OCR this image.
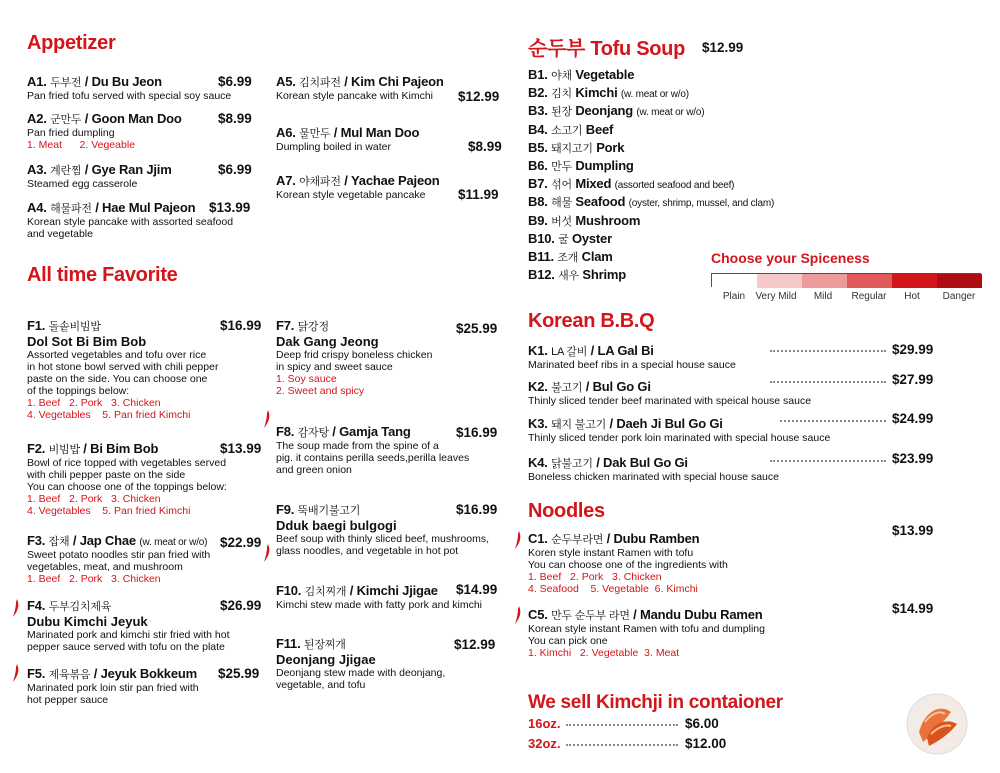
Appetizer
A1. 두부전 / Du Bu Jeon
Pan fried tofu served with special soy sauce
$6.99
A2. 군만두 / Goon Man Doo
Pan fried dumpling
1. Meat      2. Vegeable
$8.99
A3. 계란찜 / Gye Ran Jjim
Steamed egg casserole
$6.99
A4. 해물파전 / Hae Mul Pajeon
Korean style pancake with assorted seafood
and vegetable
$13.99
A5. 김치파전 / Kim Chi Pajeon
Korean style pancake with Kimchi	$12.99
A6. 물만두 / Mul Man Doo
Dumpling boiled in water	$8.99
A7. 야채파전 / Yachae Pajeon
Korean style vegetable pancake	$11.99
All time Favorite
F1. 돌솥비빔밥
Dol Sot Bi Bim Bob
Assorted vegetables and tofu over rice
in hot stone bowl served with chili pepper
paste on the side. You can choose one
of the toppings below:
1. Beef   2. Pork   3. Chicken
4. Vegetables    5. Pan fried Kimchi
$16.99
F2. 비빔밥 / Bi Bim Bob
Bowl of rice topped with vegetables served
with chili pepper paste on the side
You can choose one of the toppings below:
1. Beef   2. Pork   3. Chicken
4. Vegetables    5. Pan fried Kimchi
$13.99
F3. 잡채 / Jap Chae (w. meat or w/o)
Sweet potato noodles stir pan fried with
vegetables, meat, and mushroom
1. Beef   2. Pork   3. Chicken
$22.99
F4. 두부김치제육
Dubu Kimchi Jeyuk
Marinated pork and kimchi stir fried with hot
pepper sauce served with tofu on the plate
$26.99
F5. 제육볶음 / Jeyuk Bokkeum
Marinated pork loin stir pan fried with
hot pepper sauce
$25.99
F7. 닭강정
Dak Gang Jeong
Deep frid crispy boneless chicken
in spicy and sweet sauce
1. Soy sauce
2. Sweet and spicy
$25.99
F8. 감자탕 / Gamja Tang
The soup made from the spine of a
pig. it contains perilla seeds,perilla leaves
and green onion
$16.99
F9. 뚝배기불고기
Dduk baegi bulgogi
Beef soup with thinly sliced beef, mushrooms,
glass noodles, and vegetable in hot pot
$16.99
F10. 김치찌개 / Kimchi Jjigae
Kimchi stew made with fatty pork and kimchi
$14.99
F11. 된장찌개
Deonjang Jjigae
Deonjang stew made with deonjang,
vegetable, and tofu
$12.99
순두부 Tofu Soup $12.99
B1. 야채 Vegetable
B2. 김치 Kimchi (w. meat or w/o)
B3. 된장 Deonjang (w. meat or w/o)
B4. 소고기 Beef
B5. 돼지고기 Pork
B6. 만두 Dumpling
B7. 섞어 Mixed (assorted seafood and beef)
B8. 해물 Seafood (oyster, shrimp, mussel, and clam)
B9. 버섯 Mushroom
B10. 굴 Oyster
B11. 조개 Clam
B12. 새우 Shrimp
Choose your Spiceness
Plain	Very Mild	Mild	Regular	Hot	Danger
Korean B.B.Q
K1. LA 갈비 / LA Gal Bi
Marinated beef ribs in a special house sauce
$29.99
K2. 불고기 / Bul Go Gi
Thinly sliced tender beef marinated with speical house sauce
$27.99
K3. 돼지 불고기 / Daeh Ji Bul Go Gi
Thinly sliced tender pork loin marinated with special house sauce
$24.99
K4. 닭불고기 / Dak Bul Go Gi
Boneless chicken marinated with special house sauce
$23.99
Noodles
C1. 순두부라면 / Dubu Ramben
Koren style instant Ramen with tofu
You can choose one of the ingredients with
1. Beef   2. Pork   3. Chicken
4. Seafood    5. Vegetable  6. Kimchi
$13.99
C5. 만두 순두부 라면 / Mandu Dubu Ramen
Korean style instant Ramen with tofu and dumpling
You can pick one
1. Kimchi   2. Vegetable  3. Meat
$14.99
We sell Kimchji in contaioner
16oz.	$6.00
32oz.	$12.00
